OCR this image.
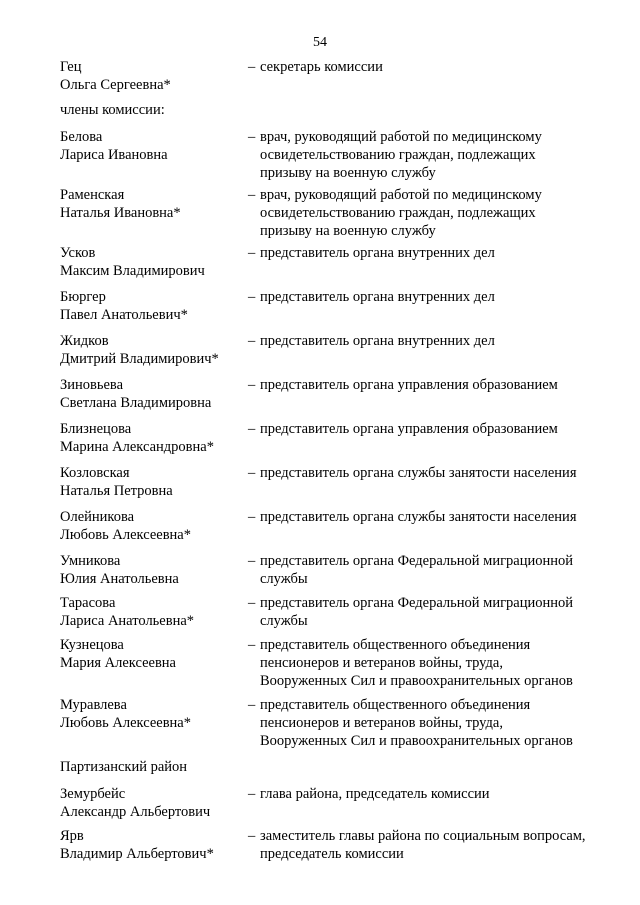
54
Гец
Ольга Сергеевна*
– секретарь комиссии
члены комиссии:
Белова
Лариса Ивановна
– врач, руководящий работой по медицинскому
освидетельствованию граждан, подлежащих
призыву на военную службу
Раменская
Наталья Ивановна*
– врач, руководящий работой по медицинскому
освидетельствованию граждан, подлежащих
призыву на военную службу
Усков
Максим Владимирович
– представитель органа внутренних дел
Бюргер
Павел Анатольевич*
– представитель органа внутренних дел
Жидков
Дмитрий Владимирович*
– представитель органа внутренних дел
Зиновьева
Светлана Владимировна
– представитель органа управления образованием
Близнецова
Марина Александровна*
– представитель органа управления образованием
Козловская
Наталья Петровна
– представитель органа службы занятости населения
Олейникова
Любовь Алексеевна*
– представитель органа службы занятости населения
Умникова
Юлия Анатольевна
– представитель органа Федеральной миграционной
службы
Тарасова
Лариса Анатольевна*
– представитель органа Федеральной миграционной
службы
Кузнецова
Мария Алексеевна
– представитель общественного объединения
пенсионеров и ветеранов войны, труда,
Вооруженных Сил и правоохранительных органов
Муравлева
Любовь Алексеевна*
– представитель общественного объединения
пенсионеров и ветеранов войны, труда,
Вооруженных Сил и правоохранительных органов
Партизанский район
Земурбейс
Александр Альбертович
– глава района, председатель комиссии
Ярв
Владимир Альбертович*
– заместитель главы района по социальным вопросам,
председатель комиссии
